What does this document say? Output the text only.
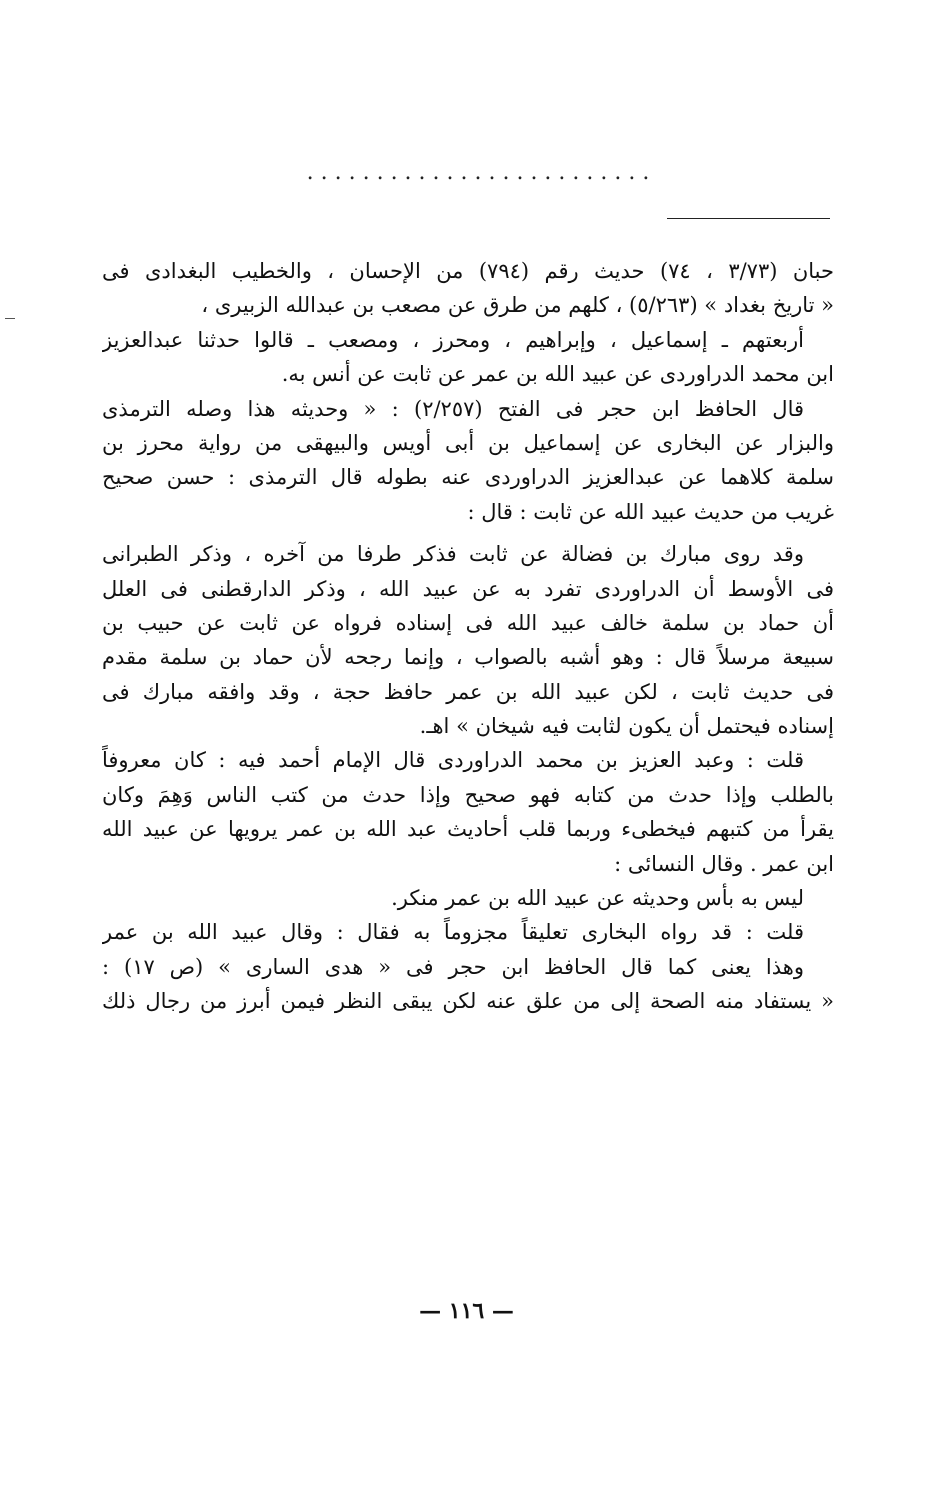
. . . . . . . . . . . . . . . . . . . . . . . . .
حبان (٣/٧٣ ، ٧٤) حديث رقم (٧٩٤) من الإحسان ، والخطيب البغدادى فى
« تاريخ بغداد » (٥/٢٦٣) ، كلهم من طرق عن مصعب بن عبدالله الزبيرى ،
أربعتهم ـ إسماعيل ، وإبراهيم ، ومحرز ، ومصعب ـ قالوا حدثنا عبدالعزيز
ابن محمد الدراوردى عن عبيد الله بن عمر عن ثابت عن أنس به.
قال الحافظ ابن حجر فى الفتح (٢/٢٥٧) : « وحديثه هذا وصله الترمذى
والبزار عن البخارى عن إسماعيل بن أبى أويس والبيهقى من رواية محرز بن
سلمة كلاهما عن عبدالعزيز الدراوردى عنه بطوله قال الترمذى : حسن صحيح
غريب من حديث عبيد الله عن ثابت : قال :
وقد روى مبارك بن فضالة عن ثابت فذكر طرفا من آخره ، وذكر الطبرانى
فى الأوسط أن الدراوردى تفرد به عن عبيد الله ، وذكر الدارقطنى فى العلل
أن حماد بن سلمة خالف عبيد الله فى إسناده فرواه عن ثابت عن حبيب بن
سبيعة مرسلاً قال : وهو أشبه بالصواب ، وإنما رجحه لأن حماد بن سلمة مقدم
فى حديث ثابت ، لكن عبيد الله بن عمر حافظ حجة ، وقد وافقه مبارك فى
إسناده فيحتمل أن يكون لثابت فيه شيخان » اهـ.
قلت : وعبد العزيز بن محمد الدراوردى قال الإمام أحمد فيه : كان معروفاً
بالطلب وإذا حدث من كتابه فهو صحيح وإذا حدث من كتب الناس وَهِمَ وكان
يقرأ من كتبهم فيخطىء وربما قلب أحاديث عبد الله بن عمر يرويها عن عبيد الله
ابن عمر . وقال النسائى :
ليس به بأس وحديثه عن عبيد الله بن عمر منكر.
قلت : قد رواه البخارى تعليقاً مجزوماً به فقال : وقال عبيد الله بن عمر
وهذا يعنى كما قال الحافظ ابن حجر فى « هدى السارى » (ص ١٧) :
« يستفاد منه الصحة إلى من علق عنه لكن يبقى النظر فيمن أبرز من رجال ذلك
— ١١٦ —
